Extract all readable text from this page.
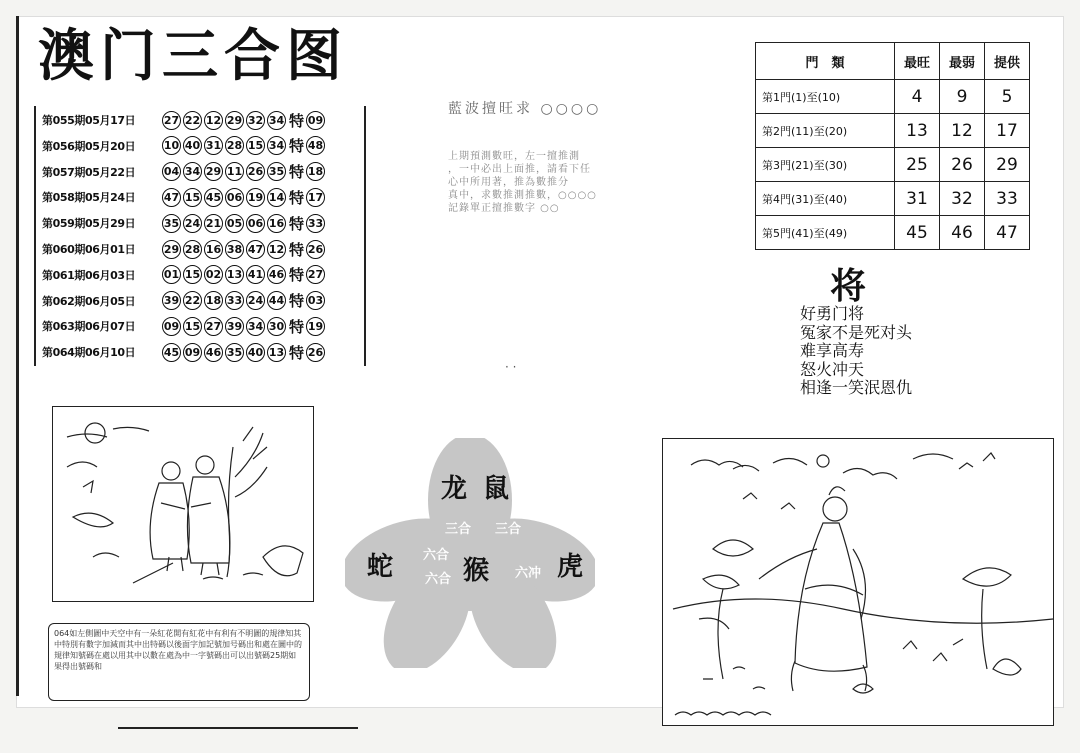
澳门三合图
第055期05月17日	27 22 12 29 32 34 特 09
第056期05月20日	10 40 31 28 15 34 特 48
第057期05月22日	04 34 29 11 26 35 特 18
第058期05月24日	47 15 45 06 19 14 特 17
第059期05月29日	35 24 21 05 06 16 特 33
第060期06月01日	29 28 16 38 47 12 特 26
第061期06月03日	01 15 02 13 41 46 特 27
第062期06月05日	39 22 18 33 24 44 特 03
第063期06月07日	09 15 27 39 34 30 特 19
第064期06月10日	45 09 46 35 40 13 特 26
藍波擅旺求 ○○○○
上期預測數旺，左一擅推測
，一中必出上面推，請看下任
心中所用著，推為數推分
真中，求數推測推數，○○○○
記錄單正擅推數字 ○○
· ·
門　類	最旺	最弱	提供
第1門(1)至(10)	4	9	5
第2門(11)至(20)	13	12	17
第3門(21)至(30)	25	26	29
第4門(31)至(40)	31	32	33
第5門(41)至(49)	45	46	47
将
好勇门将
冤家不是死对头
难享高寿
怒火冲天
相逢一笑泯恩仇
064如左側圖中天空中有一朵紅花開有紅花中有利有不明圖的規律知其中特別有數字加減而其中出特碼以後面字加記號加号碼出和處在圖中的規律知號碼在處以用其中以數在處為中一字號碼出可以出號碼25期如果得出號碼和
龙 鼠
蛇	猴	虎
三合 三合
六合
六合	六冲
